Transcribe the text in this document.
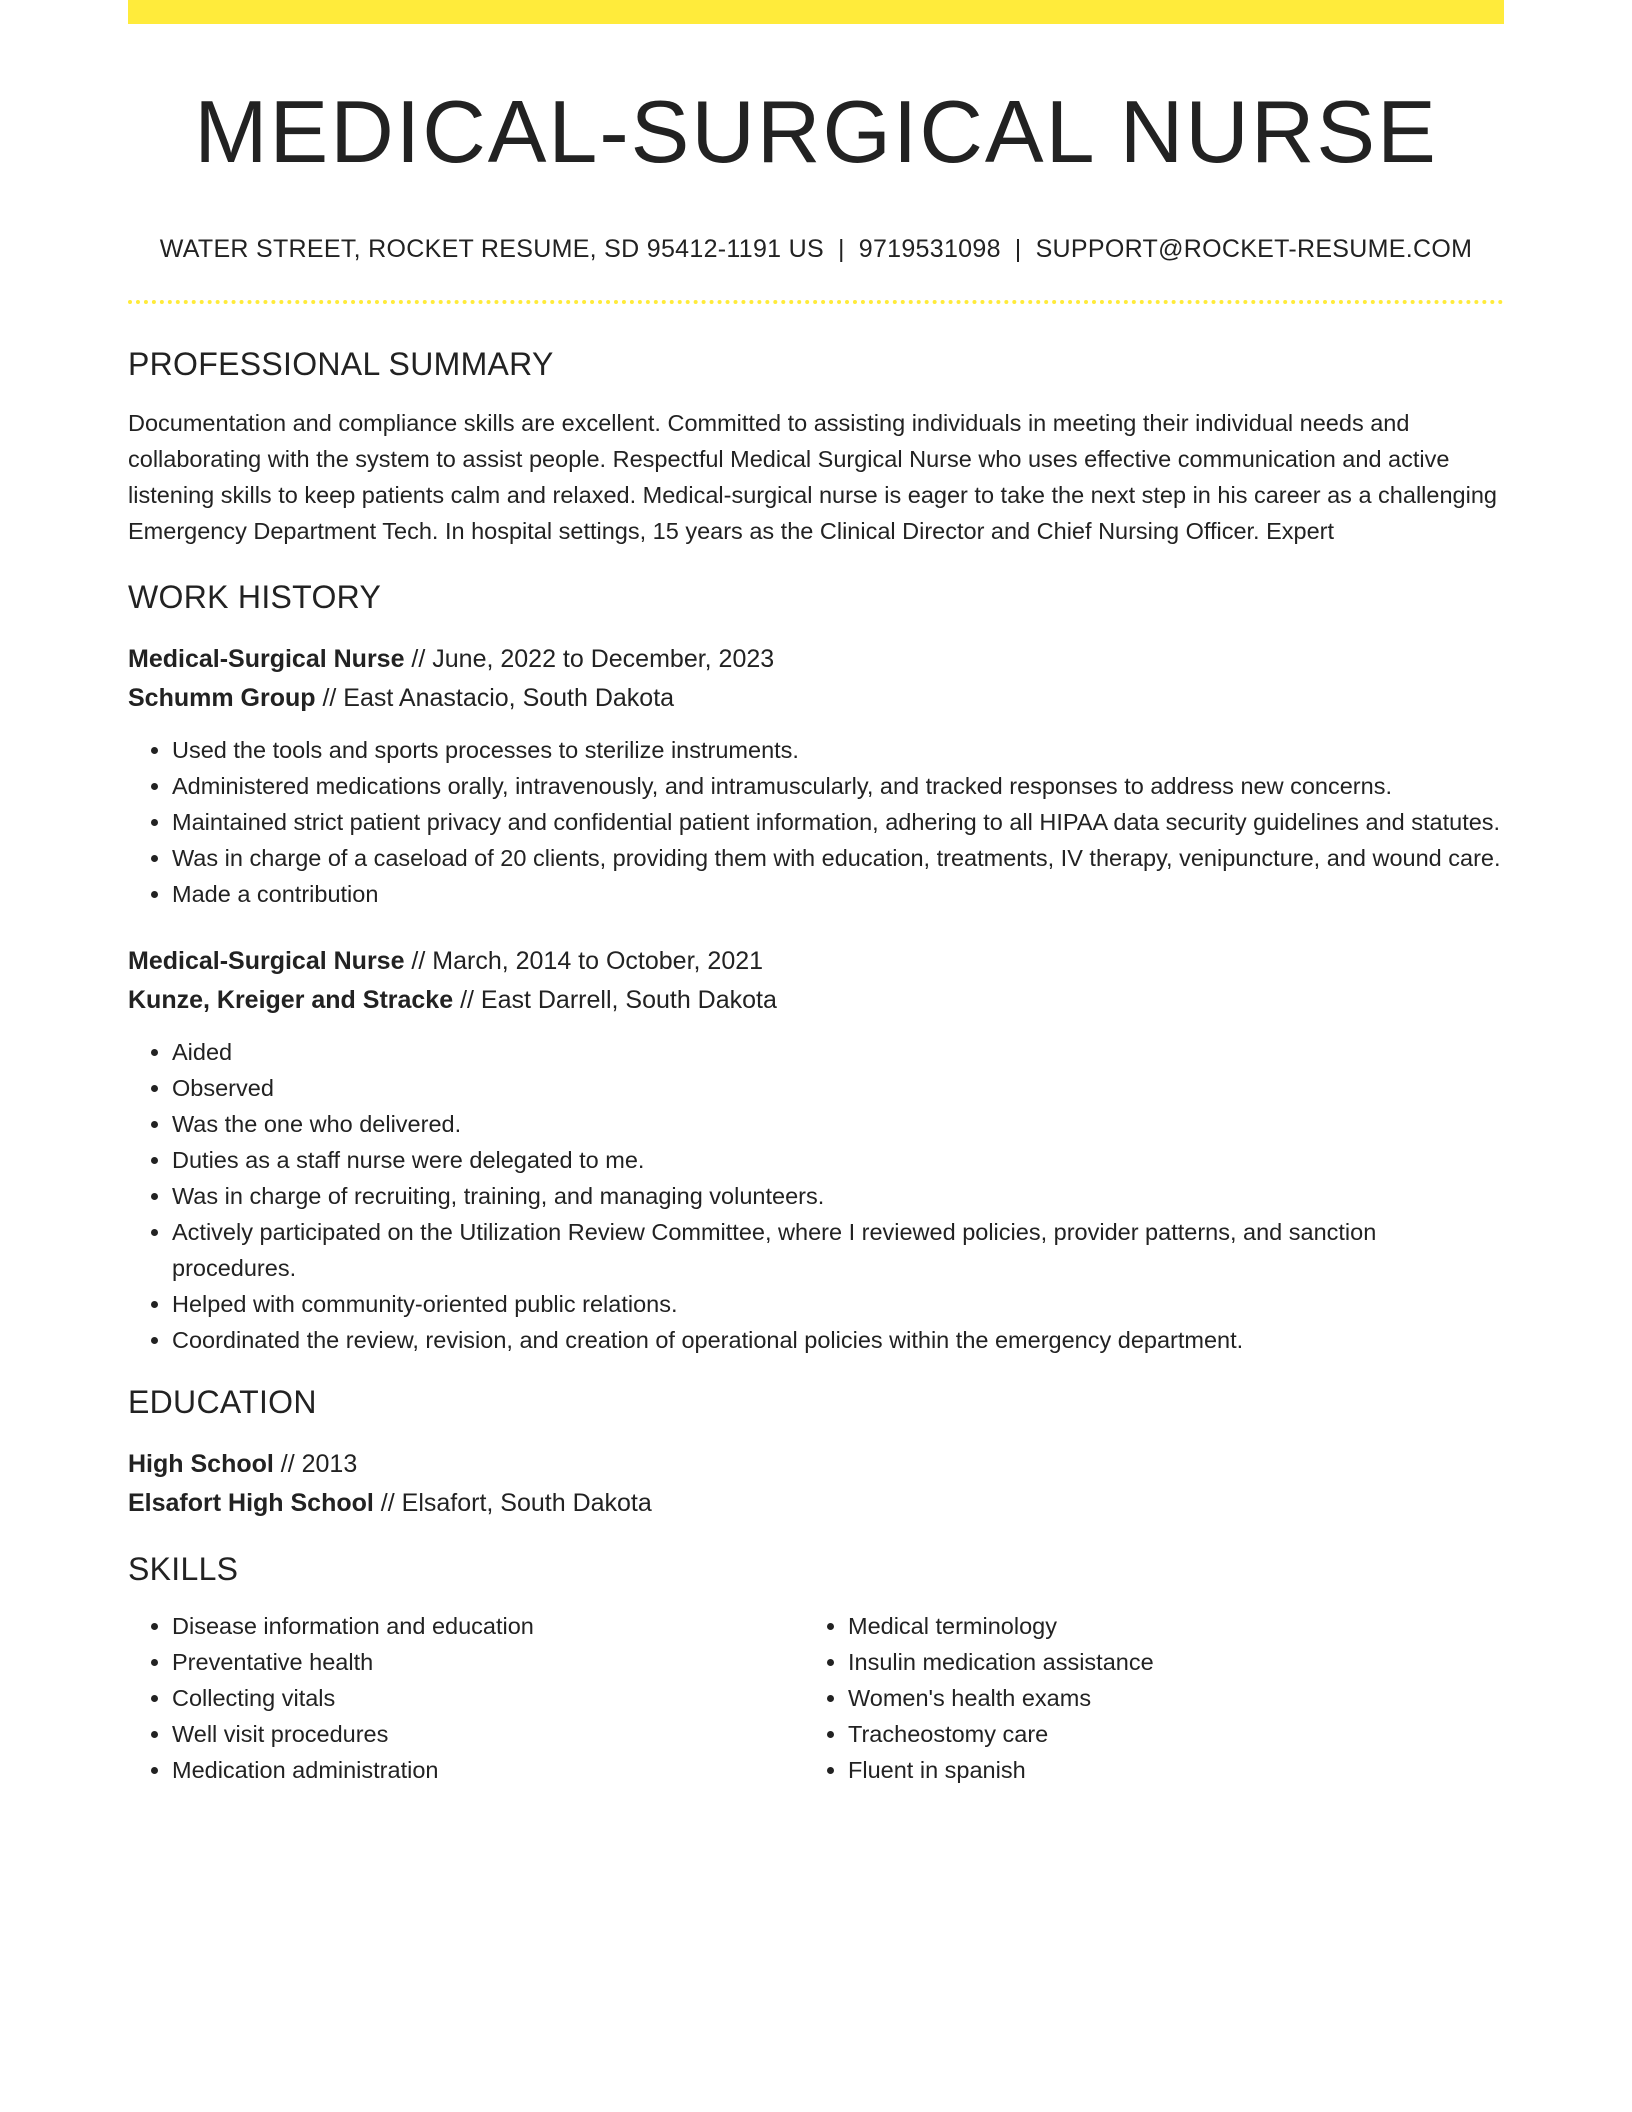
MEDICAL-SURGICAL NURSE
WATER STREET, ROCKET RESUME, SD 95412-1191 US | 9719531098 | SUPPORT@ROCKET-RESUME.COM
PROFESSIONAL SUMMARY
Documentation and compliance skills are excellent. Committed to assisting individuals in meeting their individual needs and collaborating with the system to assist people. Respectful Medical Surgical Nurse who uses effective communication and active listening skills to keep patients calm and relaxed. Medical-surgical nurse is eager to take the next step in his career as a challenging Emergency Department Tech. In hospital settings, 15 years as the Clinical Director and Chief Nursing Officer. Expert
WORK HISTORY
Medical-Surgical Nurse // June, 2022 to December, 2023
Schumm Group // East Anastacio, South Dakota
• Used the tools and sports processes to sterilize instruments.
• Administered medications orally, intravenously, and intramuscularly, and tracked responses to address new concerns.
• Maintained strict patient privacy and confidential patient information, adhering to all HIPAA data security guidelines and statutes.
• Was in charge of a caseload of 20 clients, providing them with education, treatments, IV therapy, venipuncture, and wound care.
• Made a contribution
Medical-Surgical Nurse // March, 2014 to October, 2021
Kunze, Kreiger and Stracke // East Darrell, South Dakota
• Aided
• Observed
• Was the one who delivered.
• Duties as a staff nurse were delegated to me.
• Was in charge of recruiting, training, and managing volunteers.
• Actively participated on the Utilization Review Committee, where I reviewed policies, provider patterns, and sanction procedures.
• Helped with community-oriented public relations.
• Coordinated the review, revision, and creation of operational policies within the emergency department.
EDUCATION
High School // 2013
Elsafort High School // Elsafort, South Dakota
SKILLS
• Disease information and education
• Preventative health
• Collecting vitals
• Well visit procedures
• Medication administration
• Medical terminology
• Insulin medication assistance
• Women's health exams
• Tracheostomy care
• Fluent in spanish
